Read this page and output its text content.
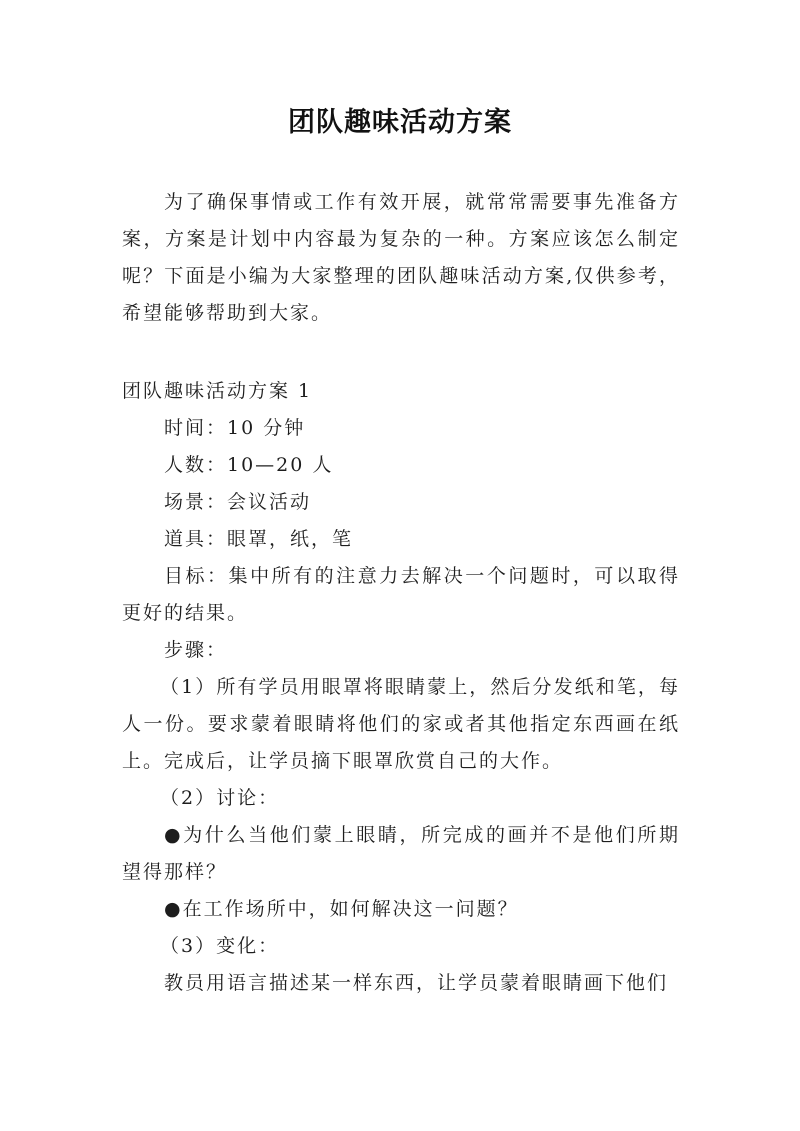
团队趣味活动方案
为了确保事情或工作有效开展，就常常需要事先准备方案，方案是计划中内容最为复杂的一种。方案应该怎么制定呢？下面是小编为大家整理的团队趣味活动方案,仅供参考，希望能够帮助到大家。

团队趣味活动方案 1

时间：10 分钟

人数：10—20 人

场景：会议活动

道具：眼罩，纸，笔

目标：集中所有的注意力去解决一个问题时，可以取得更好的结果。

步骤：

（1）所有学员用眼罩将眼睛蒙上，然后分发纸和笔，每人一份。要求蒙着眼睛将他们的家或者其他指定东西画在纸上。完成后，让学员摘下眼罩欣赏自己的大作。

（2）讨论：

●为什么当他们蒙上眼睛，所完成的画并不是他们所期望得那样？

●在工作场所中，如何解决这一问题？

（3）变化：

教员用语言描述某一样东西，让学员蒙着眼睛画下他们
